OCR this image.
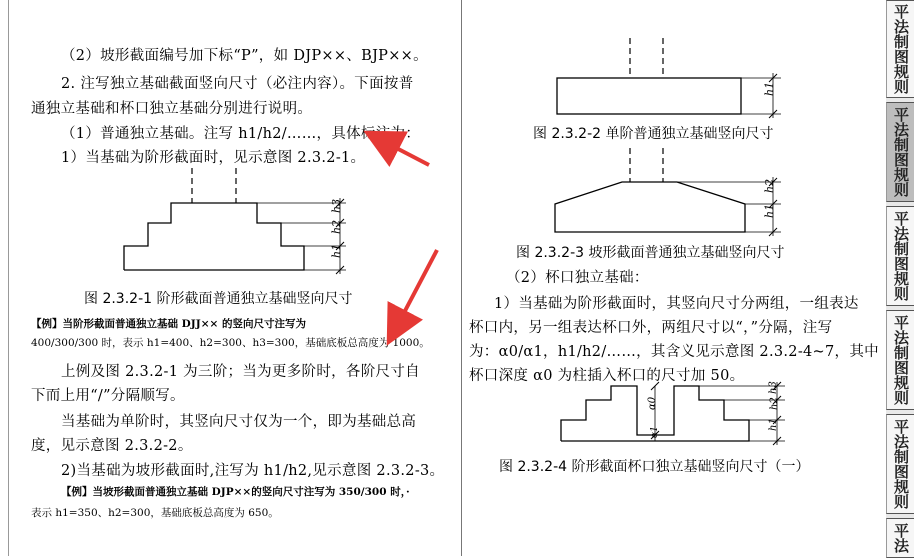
（2）坡形截面编号加下标“P”，如 DJP××、BJP××。
2. 注写独立基础截面竖向尺寸（必注内容）。下面按普
通独立基础和杯口独立基础分别进行说明。
（1）普通独立基础。注写 h1/h2/……，具体标注为：
1）当基础为阶形截面时，见示意图 2.3.2-1。
h3
h2
h1
图 2.3.2-1 阶形截面普通独立基础竖向尺寸
【例】当阶形截面普通独立基础 DJJ×× 的竖向尺寸注写为
400/300/300 时，表示 h1=400、h2=300、h3=300，基础底板总高度为 1000。
上例及图 2.3.2-1 为三阶；当为更多阶时，各阶尺寸自
下而上用“/”分隔顺写。
当基础为单阶时，其竖向尺寸仅为一个，即为基础总高
度，见示意图 2.3.2-2。
2)当基础为坡形截面时,注写为 h1/h2,见示意图 2.3.2-3。
【例】当坡形截面普通独立基础 DJP××的竖向尺寸注写为 350/300 时，·
表示 h1=350、h2=300，基础底板总高度为 650。
h1
图 2.3.2-2 单阶普通独立基础竖向尺寸
h2
h1
图 2.3.2-3 坡形截面普通独立基础竖向尺寸
（2）杯口独立基础：
1）当基础为阶形截面时，其竖向尺寸分两组，一组表达
杯口内，另一组表达杯口外，两组尺寸以“，”分隔，注写
为：α0/α1，h1/h2/……，其含义见示意图 2.3.2-4~7，其中
杯口深度 α0 为柱插入杯口的尺寸加 50。
α0
α1
h3
h2
h1
图 2.3.2-4 阶形截面杯口独立基础竖向尺寸（一）
平法制图规则
平法制图规则
平法制图规则
平法制图规则
平法制图规则
平法
